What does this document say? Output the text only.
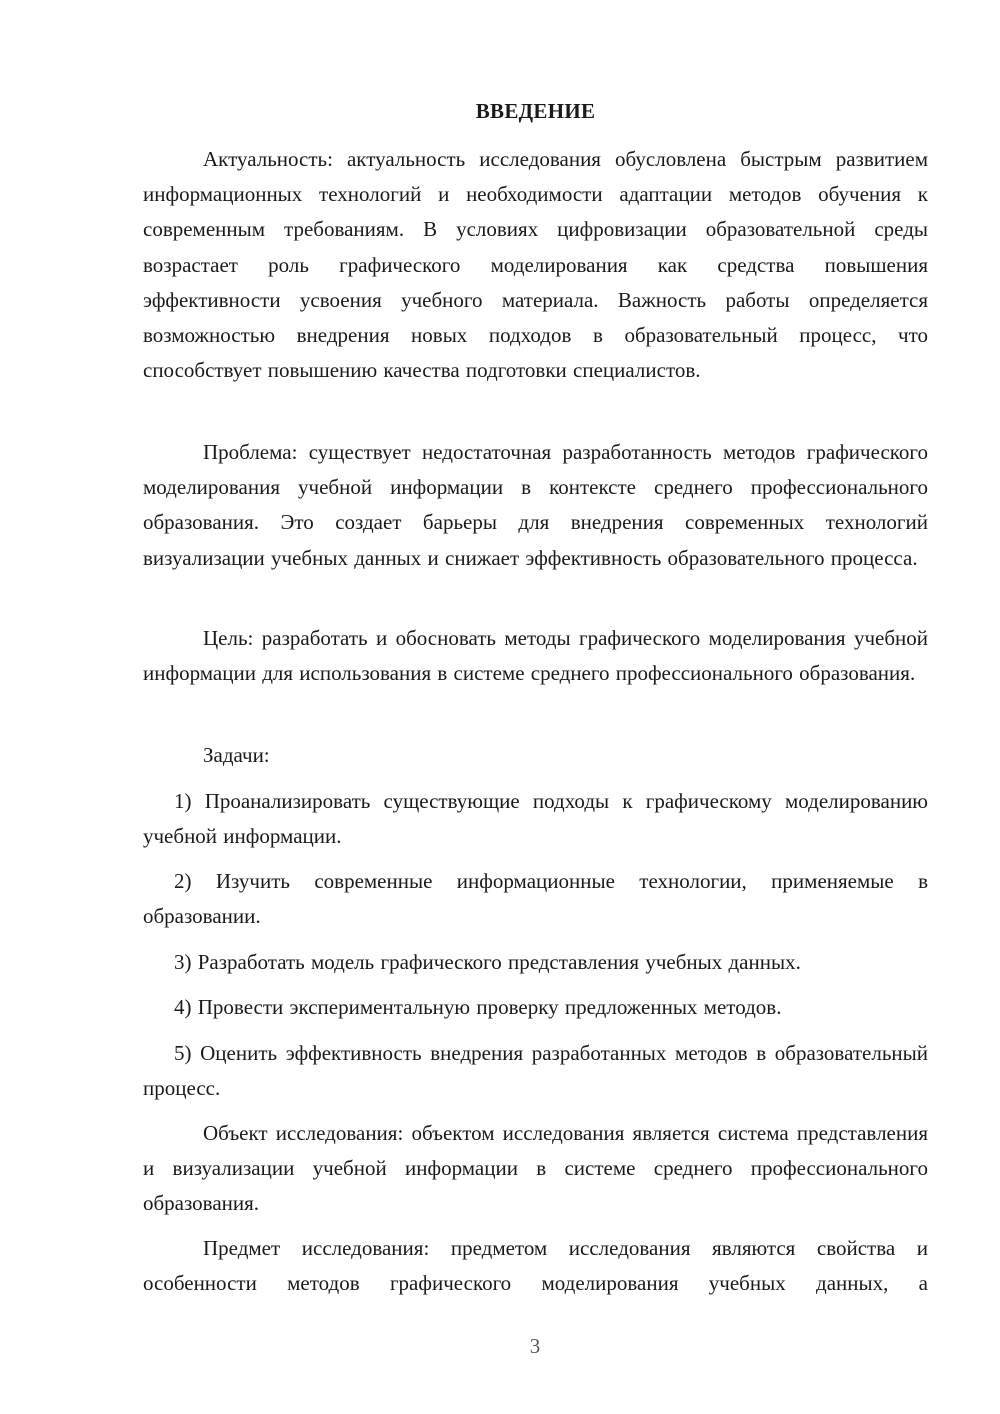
ВВЕДЕНИЕ

Актуальность: актуальность исследования обусловлена быстрым развитием информационных технологий и необходимости адаптации методов обучения к современным требованиям. В условиях цифровизации образовательной среды возрастает роль графического моделирования как средства повышения эффективности усвоения учебного материала. Важность работы определяется возможностью внедрения новых подходов в образовательный процесс, что способствует повышению качества подготовки специалистов.

Проблема: существует недостаточная разработанность методов графического моделирования учебной информации в контексте среднего профессионального образования. Это создает барьеры для внедрения современных технологий визуализации учебных данных и снижает эффективность образовательного процесса.

Цель: разработать и обосновать методы графического моделирования учебной информации для использования в системе среднего профессионального образования.

Задачи:

1) Проанализировать существующие подходы к графическому моделированию учебной информации.

2) Изучить современные информационные технологии, применяемые в образовании.

3) Разработать модель графического представления учебных данных.

4) Провести экспериментальную проверку предложенных методов.

5) Оценить эффективность внедрения разработанных методов в образовательный процесс.

Объект исследования: объектом исследования является система представления и визуализации учебной информации в системе среднего профессионального образования.

Предмет исследования: предметом исследования являются свойства и особенности методов графического моделирования учебных данных, а

3
